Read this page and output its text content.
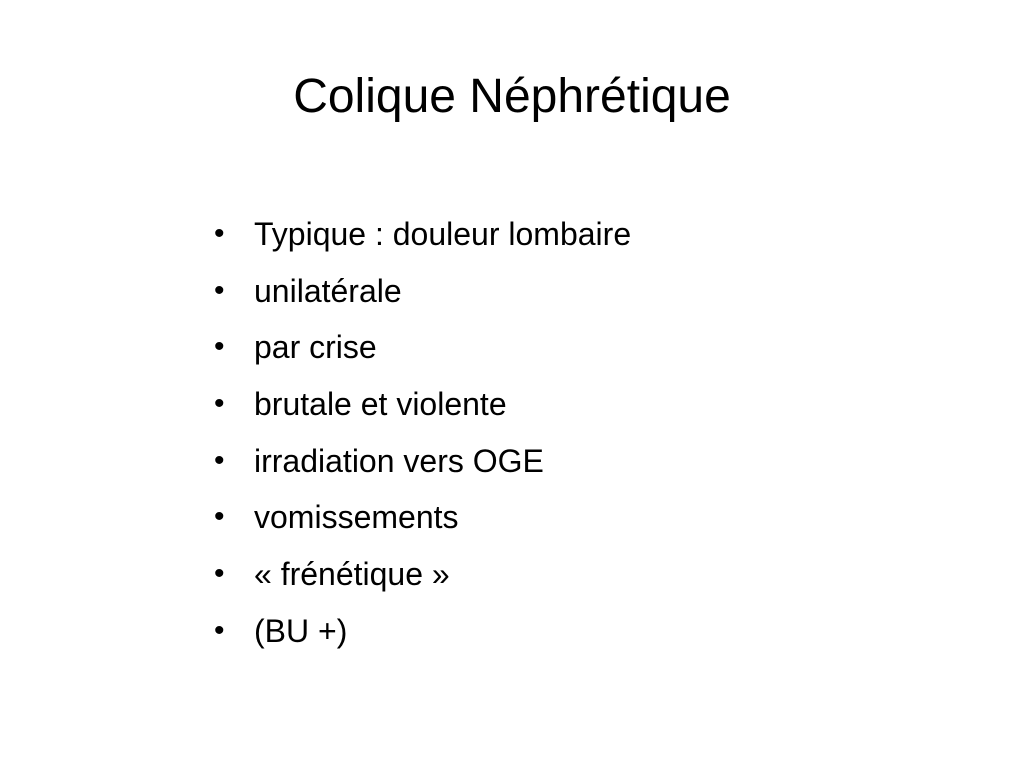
Colique Néphrétique
• Typique : douleur lombaire
• unilatérale
• par crise
• brutale et violente
• irradiation vers OGE
• vomissements
• « frénétique »
• (BU +)
